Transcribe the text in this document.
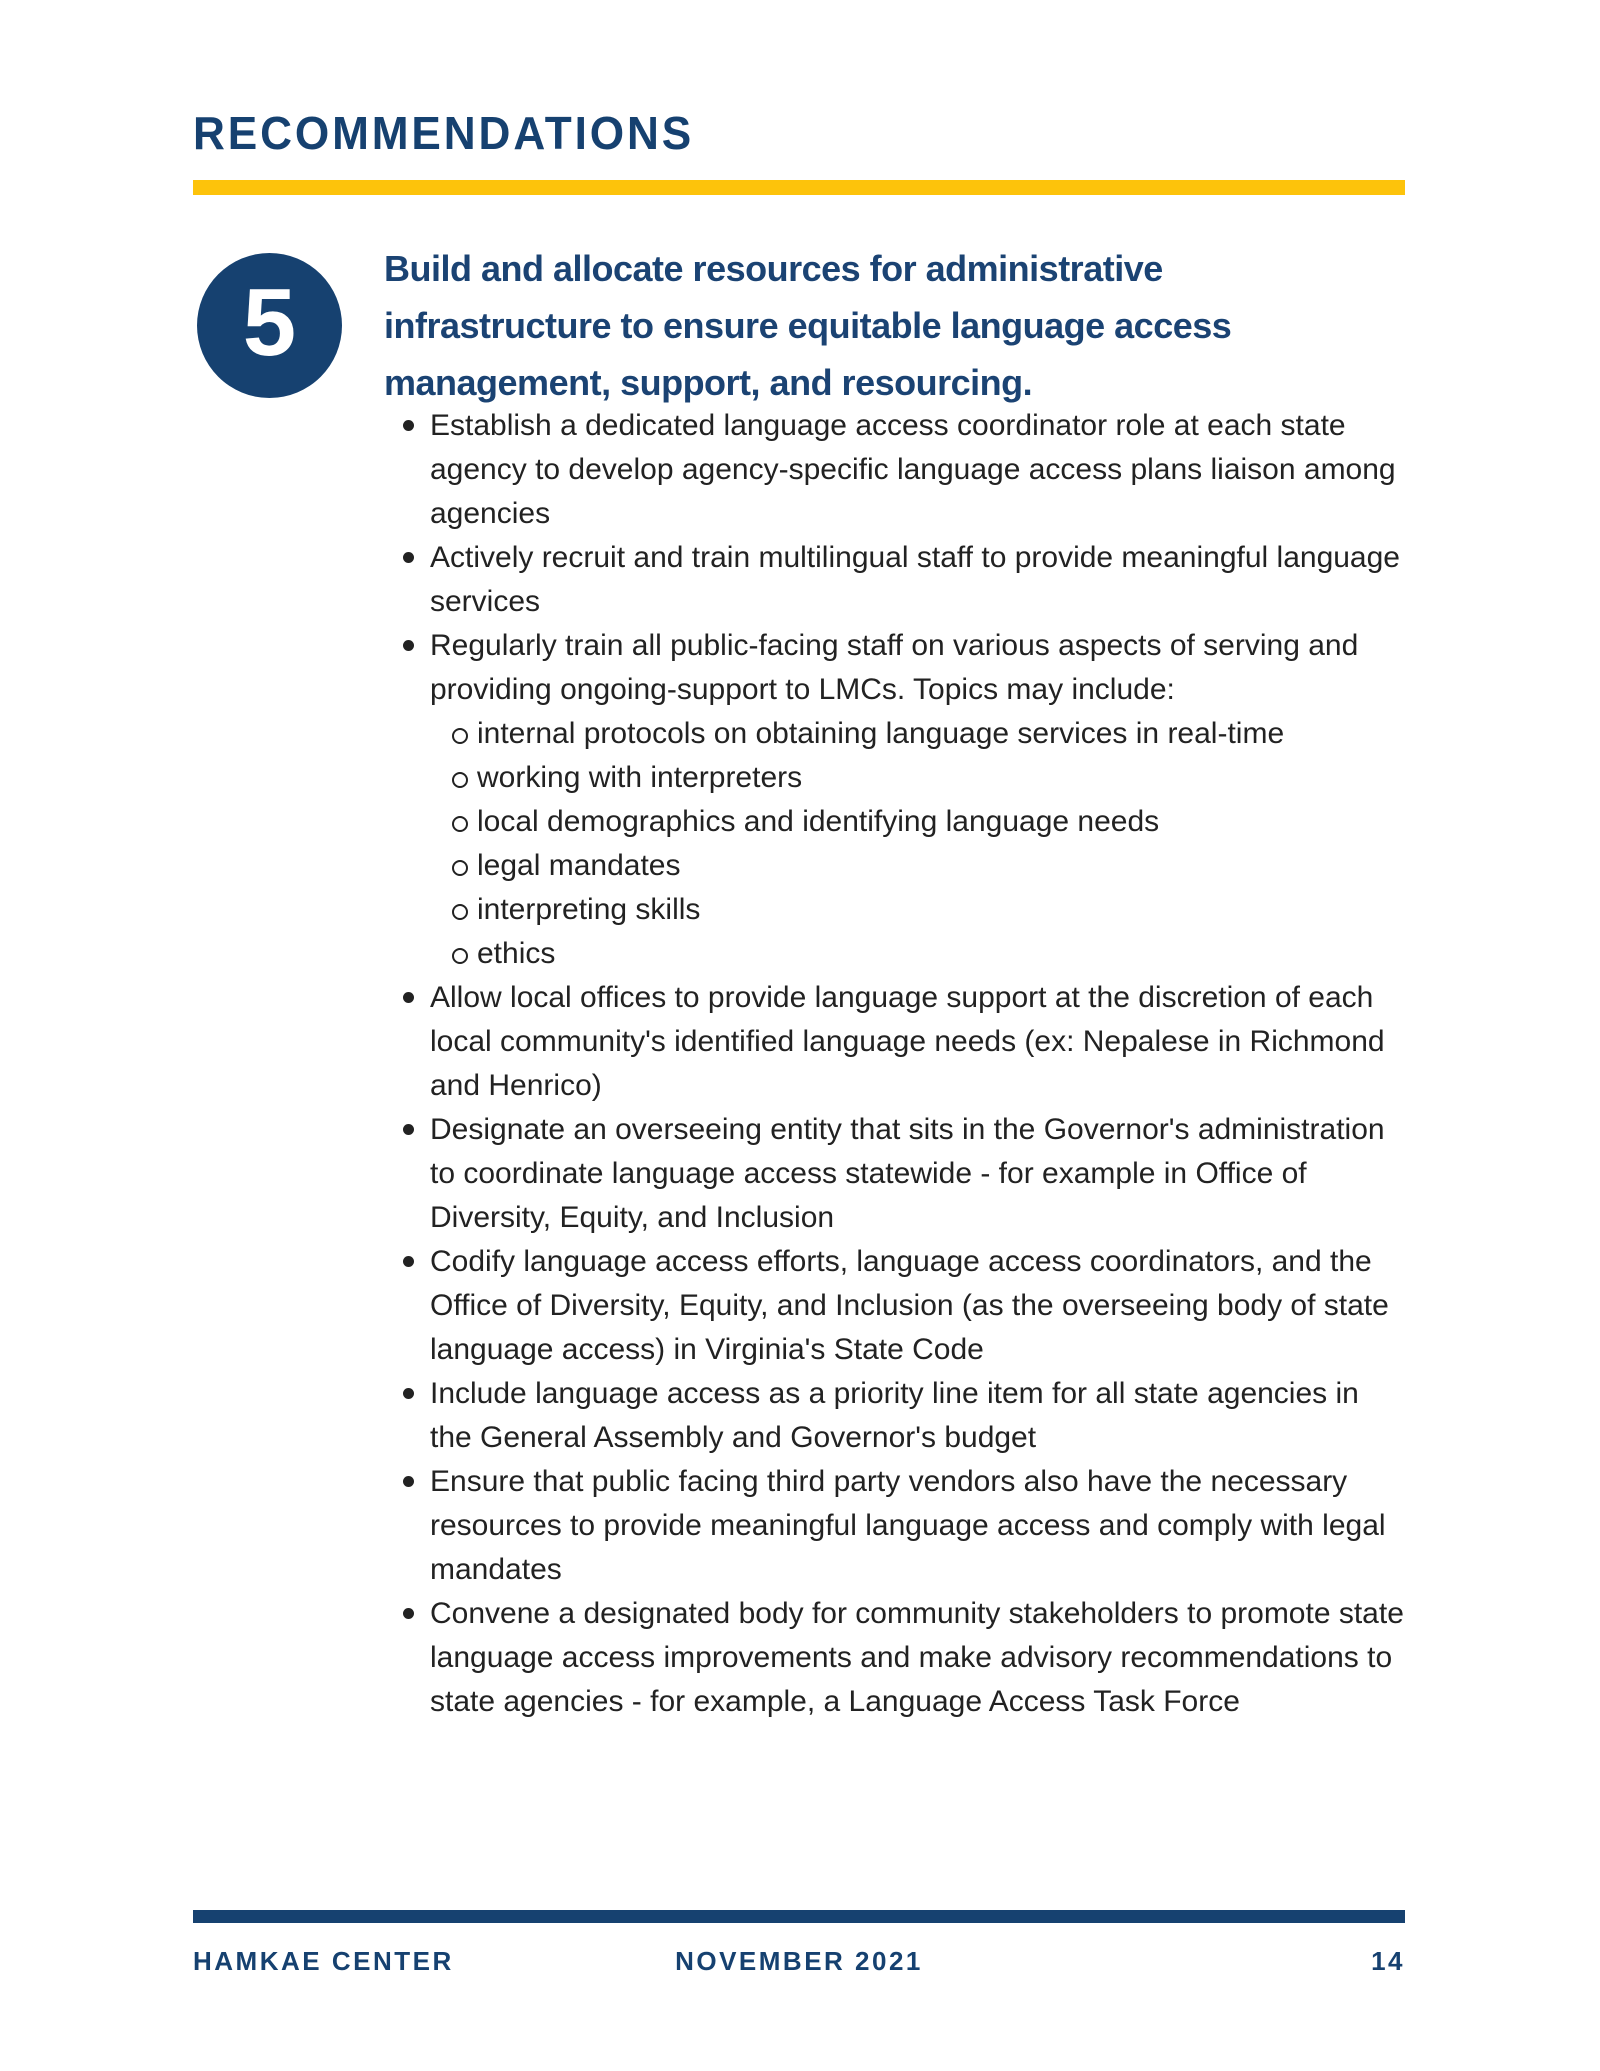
RECOMMENDATIONS
5 Build and allocate resources for administrative
infrastructure to ensure equitable language access
management, support, and resourcing.
Establish a dedicated language access coordinator role at each state agency to develop agency-specific language access plans liaison among agencies
Actively recruit and train multilingual staff to provide meaningful language services
Regularly train all public-facing staff on various aspects of serving and providing ongoing-support to LMCs. Topics may include:
internal protocols on obtaining language services in real-time
working with interpreters
local demographics and identifying language needs
legal mandates
interpreting skills
ethics
Allow local offices to provide language support at the discretion of each local community's identified language needs (ex: Nepalese in Richmond and Henrico)
Designate an overseeing entity that sits in the Governor's administration to coordinate language access statewide - for example in Office of Diversity, Equity, and Inclusion
Codify language access efforts, language access coordinators, and the Office of Diversity, Equity, and Inclusion (as the overseeing body of state language access) in Virginia's State Code
Include language access as a priority line item for all state agencies in the General Assembly and Governor's budget
Ensure that public facing third party vendors also have the necessary resources to provide meaningful language access and comply with legal mandates
Convene a designated body for community stakeholders to promote state language access improvements and make advisory recommendations to state agencies - for example, a Language Access Task Force
HAMKAE CENTER	NOVEMBER 2021	14
